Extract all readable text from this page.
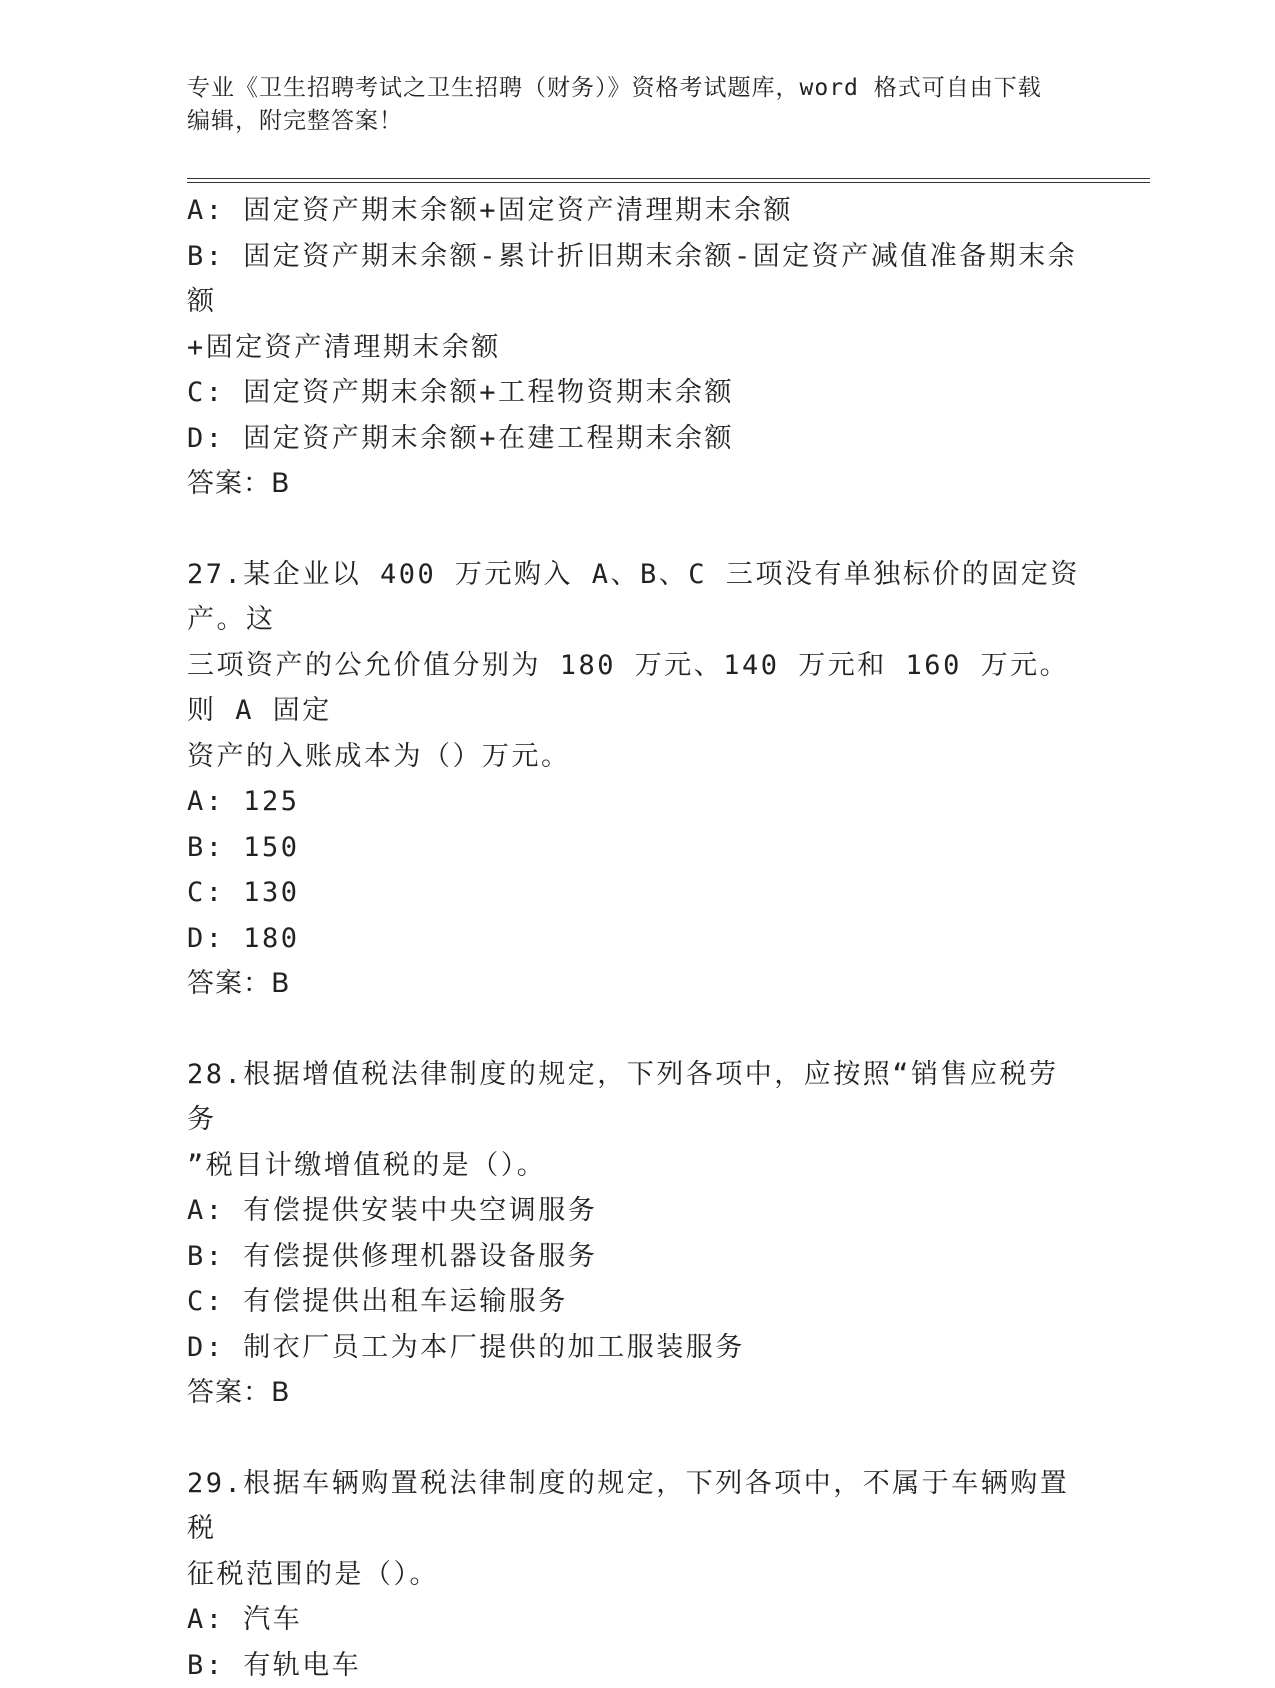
专业《卫生招聘考试之卫生招聘（财务）》资格考试题库，word 格式可自由下载
编辑，附完整答案！
A: 固定资产期末余额+固定资产清理期末余额
B: 固定资产期末余额-累计折旧期末余额-固定资产减值准备期末余额
+固定资产清理期末余额
C: 固定资产期末余额+工程物资期末余额
D: 固定资产期末余额+在建工程期末余额
答案：B
27.某企业以 400 万元购入 A、B、C 三项没有单独标价的固定资产。这
三项资产的公允价值分别为 180 万元、140 万元和 160 万元。则 A 固定
资产的入账成本为（）万元。
A: 125
B: 150
C: 130
D: 180
答案：B
28.根据增值税法律制度的规定，下列各项中，应按照“销售应税劳务
”税目计缴增值税的是（）。
A: 有偿提供安装中央空调服务
B: 有偿提供修理机器设备服务
C: 有偿提供出租车运输服务
D: 制衣厂员工为本厂提供的加工服装服务
答案：B
29.根据车辆购置税法律制度的规定，下列各项中，不属于车辆购置税
征税范围的是（）。
A: 汽车
B: 有轨电车
